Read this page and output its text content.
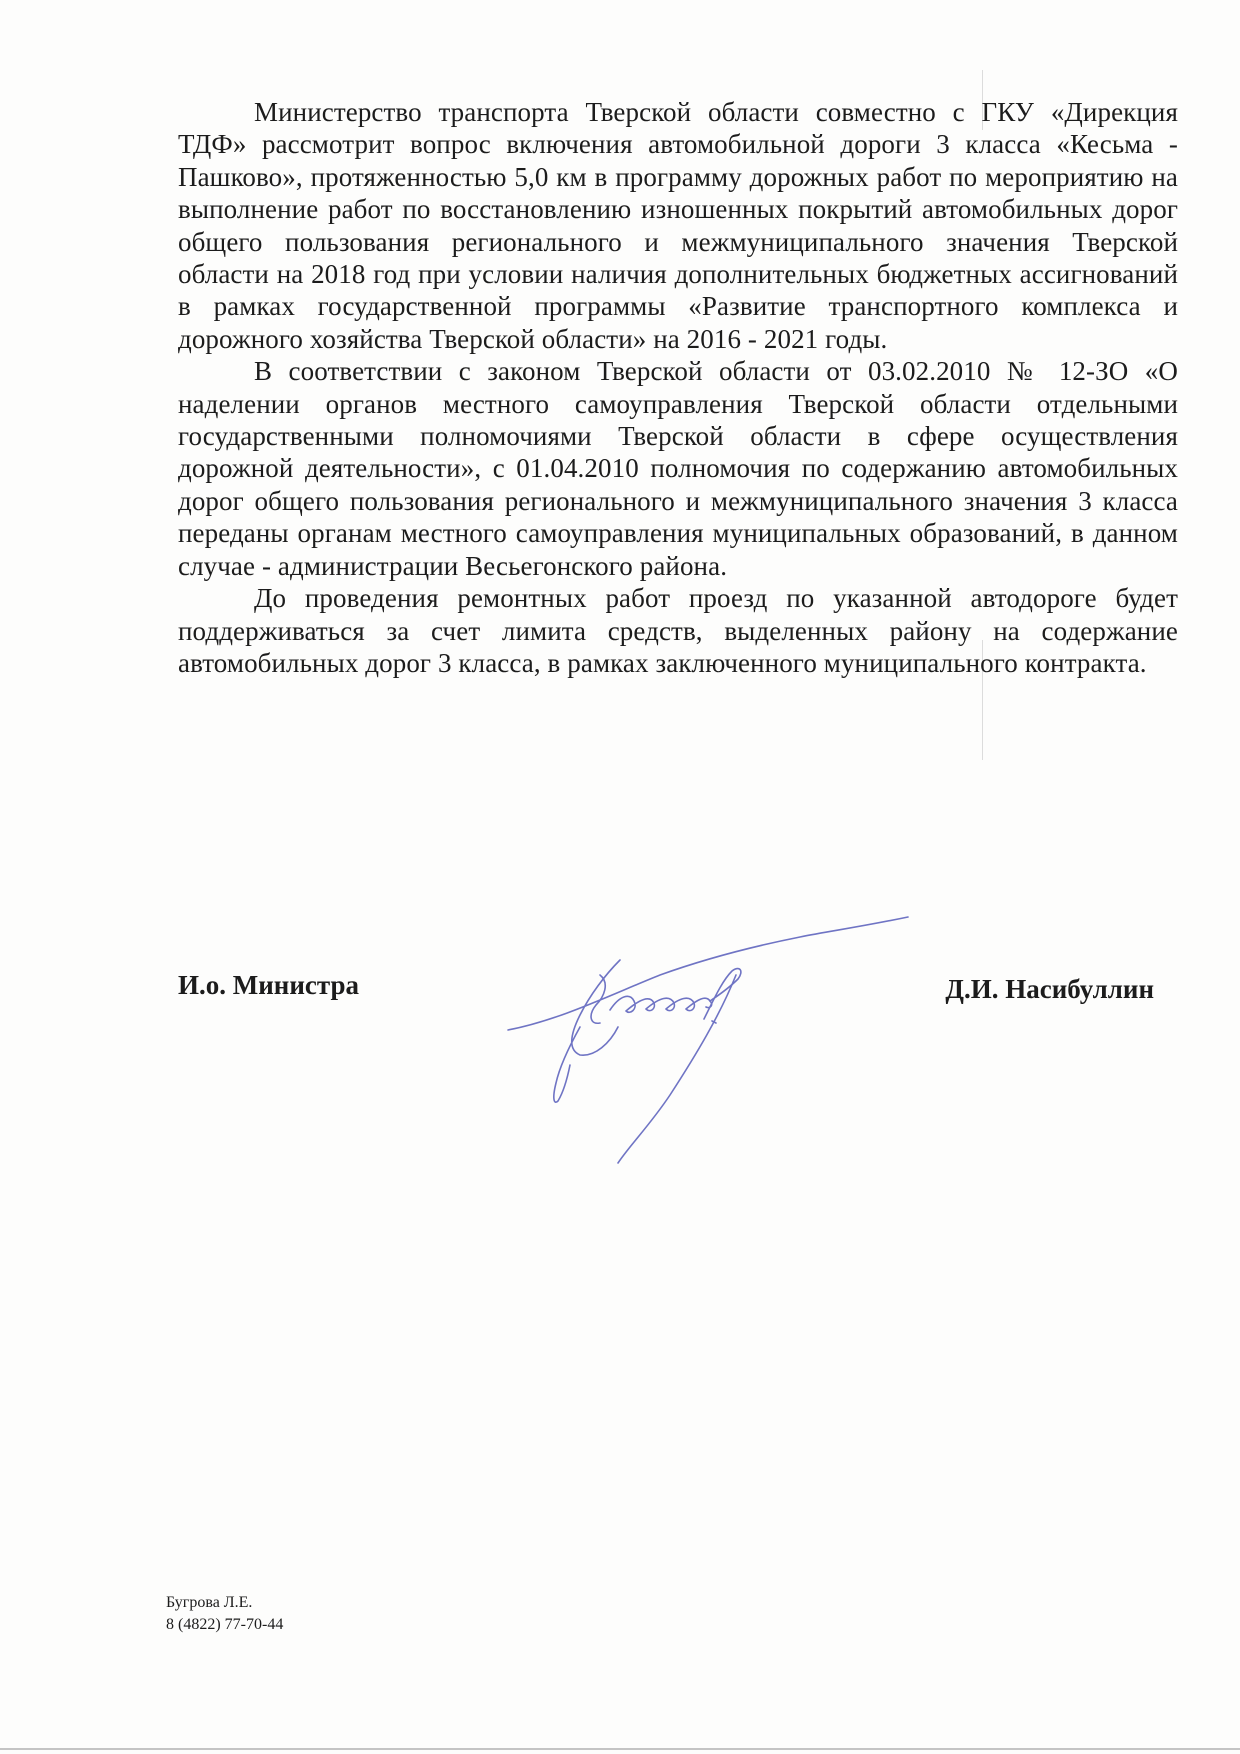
Министерство транспорта Тверской области совместно с ГКУ «Дирекция ТДФ» рассмотрит вопрос включения автомобильной дороги 3 класса «Кесьма - Пашково», протяженностью 5,0 км в программу дорожных работ по мероприятию на выполнение работ по восстановлению изношенных покрытий автомобильных дорог общего пользования регионального и межмуниципального значения Тверской области на 2018 год при условии наличия дополнительных бюджетных ассигнований в рамках государственной программы «Развитие транспортного комплекса и дорожного хозяйства Тверской области» на 2016 - 2021 годы.

В соответствии с законом Тверской области от 03.02.2010 № 12-ЗО «О наделении органов местного самоуправления Тверской области отдельными государственными полномочиями Тверской области в сфере осуществления дорожной деятельности», с 01.04.2010 полномочия по содержанию автомобильных дорог общего пользования регионального и межмуниципального значения 3 класса переданы органам местного самоуправления муниципальных образований, в данном случае - администрации Весьегонского района.

До проведения ремонтных работ проезд по указанной автодороге будет поддерживаться за счет лимита средств, выделенных району на содержание автомобильных дорог 3 класса, в рамках заключенного муниципального контракта.

И.о. Министра	Д.И. Насибуллин
Бугрова Л.Е.
8 (4822) 77-70-44
